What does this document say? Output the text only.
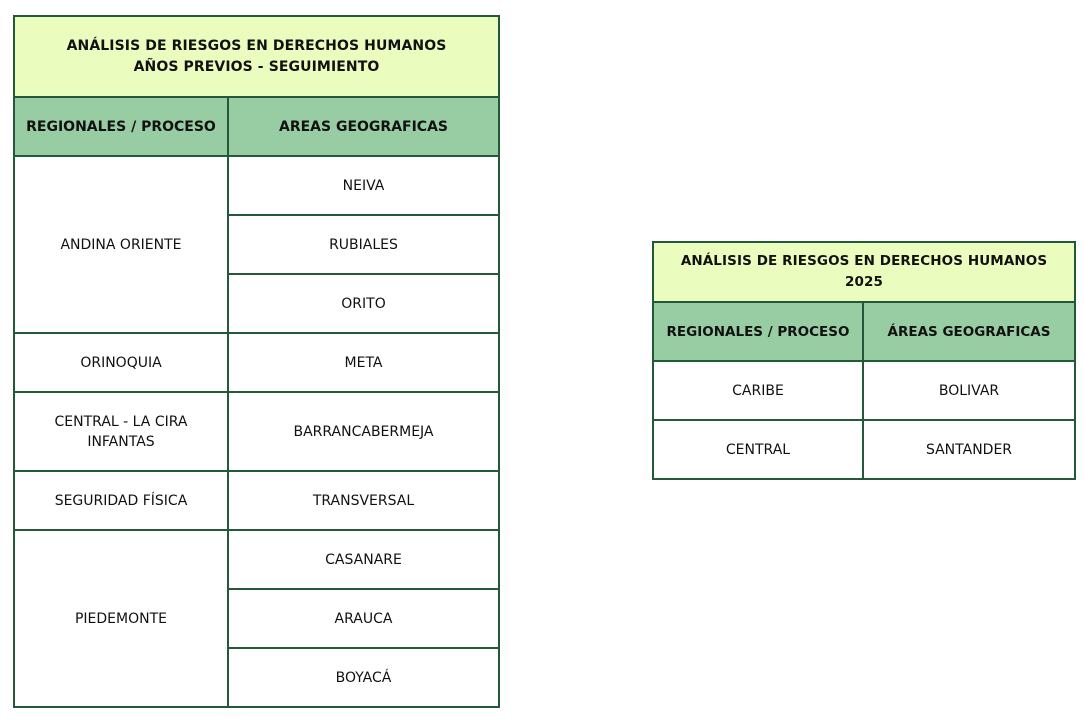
ANÁLISIS DE RIESGOS EN DERECHOS HUMANOS AÑOS PREVIOS - SEGUIMIENTO	
REGIONALES / PROCESO	AREAS GEOGRAFICAS
ANDINA ORIENTE	NEIVA
	RUBIALES
	ORITO
ORINOQUIA	META
CENTRAL - LA CIRA INFANTAS	BARRANCABERMEJA
SEGURIDAD FÍSICA	TRANSVERSAL
PIEDEMONTE	CASANARE
	ARAUCA
	BOYACÁ
ANÁLISIS DE RIESGOS EN DERECHOS HUMANOS 2025	
REGIONALES / PROCESO	ÁREAS GEOGRAFICAS
CARIBE	BOLIVAR
CENTRAL	SANTANDER
